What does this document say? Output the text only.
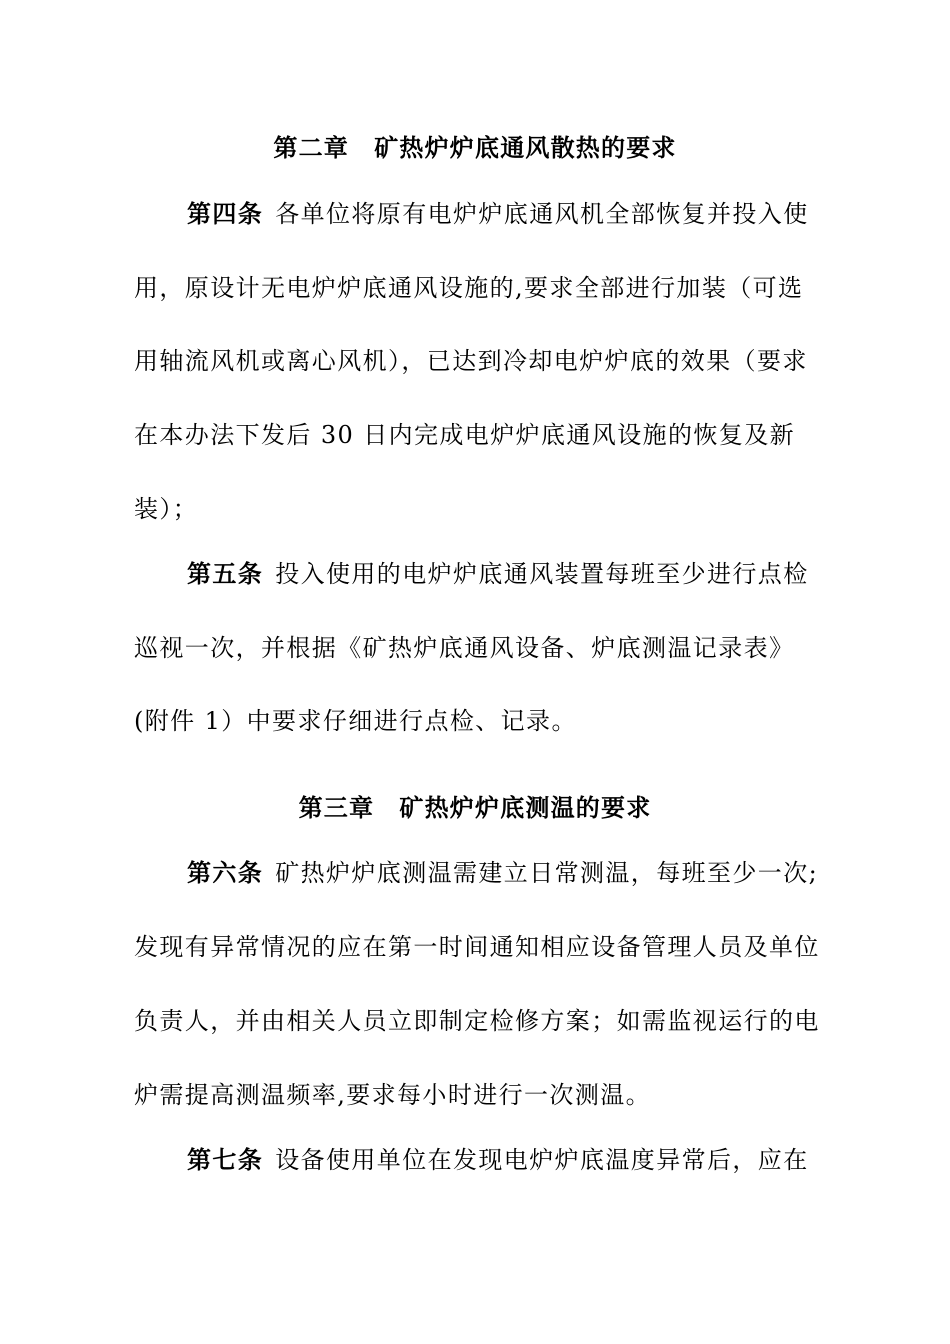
第二章　矿热炉炉底通风散热的要求
第四条 各单位将原有电炉炉底通风机全部恢复并投入使
用，原设计无电炉炉底通风设施的,要求全部进行加装（可选
用轴流风机或离心风机），已达到冷却电炉炉底的效果（要求
在本办法下发后 30 日内完成电炉炉底通风设施的恢复及新
装）；
第五条 投入使用的电炉炉底通风装置每班至少进行点检
巡视一次，并根据《矿热炉底通风设备、炉底测温记录表》
(附件 1）中要求仔细进行点检、记录。
第三章　矿热炉炉底测温的要求
第六条 矿热炉炉底测温需建立日常测温，每班至少一次;
发现有异常情况的应在第一时间通知相应设备管理人员及单位
负责人，并由相关人员立即制定检修方案；如需监视运行的电
炉需提高测温频率,要求每小时进行一次测温。
第七条 设备使用单位在发现电炉炉底温度异常后，应在
